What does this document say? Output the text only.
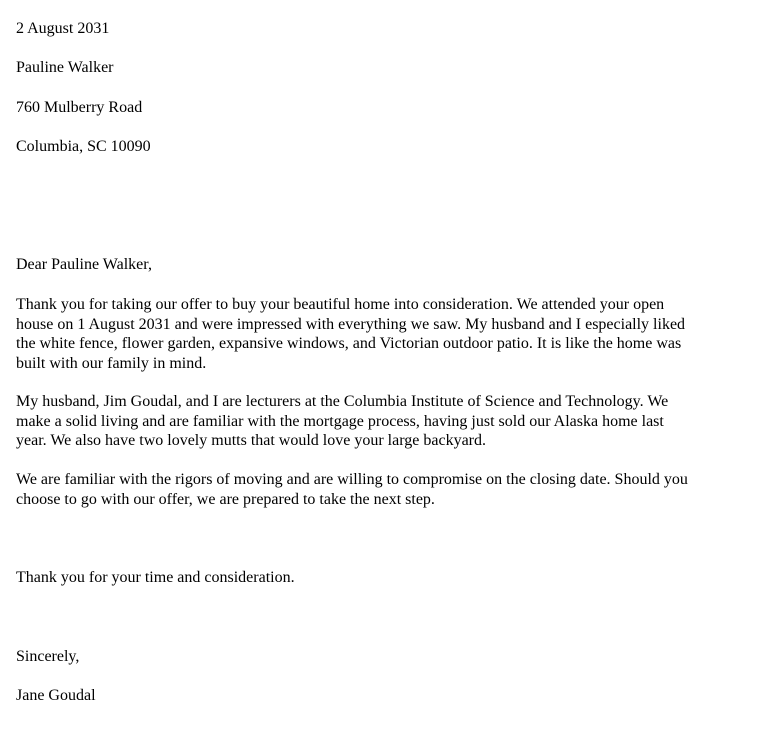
2 August 2031

Pauline Walker

760 Mulberry Road

Columbia, SC 10090

Dear Pauline Walker,

Thank you for taking our offer to buy your beautiful home into consideration. We attended your open
house on 1 August 2031 and were impressed with everything we saw. My husband and I especially liked
the white fence, flower garden, expansive windows, and Victorian outdoor patio. It is like the home was
built with our family in mind.
My husband, Jim Goudal, and I are lecturers at the Columbia Institute of Science and Technology. We
make a solid living and are familiar with the mortgage process, having just sold our Alaska home last
year. We also have two lovely mutts that would love your large backyard.
We are familiar with the rigors of moving and are willing to compromise on the closing date. Should you
choose to go with our offer, we are prepared to take the next step.

Thank you for your time and consideration.

Sincerely,

Jane Goudal
